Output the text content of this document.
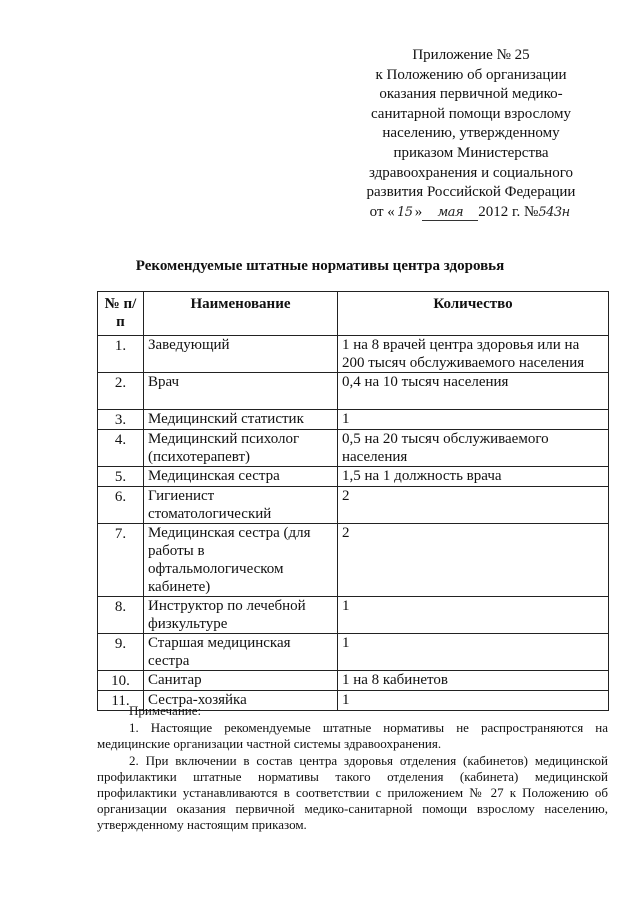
Приложение № 25
к Положению об организации
оказания первичной медико-
санитарной помощи взрослому
населению, утвержденному
приказом Министерства
здравоохранения и социального
развития Российской Федерации
от « 15 » мая 2012 г. №543н
Рекомендуемые штатные нормативы центра здоровья
№ п/п	Наименование	Количество
1.	Заведующий	1 на 8 врачей центра здоровья или на 200 тысяч обслуживаемого населения
2.	Врач	0,4 на 10 тысяч населения
3.	Медицинский статистик	1
4.	Медицинский психолог (психотерапевт)	0,5 на 20 тысяч обслуживаемого населения
5.	Медицинская сестра	1,5 на 1 должность врача
6.	Гигиенист стоматологический	2
7.	Медицинская сестра (для работы в офтальмологическом кабинете)	2
8.	Инструктор по лечебной физкультуре	1
9.	Старшая медицинская сестра	1
10.	Санитар	1 на 8 кабинетов
11.	Сестра-хозяйка	1

Примечание:

1. Настоящие рекомендуемые штатные нормативы не распространяются на медицинские организации частной системы здравоохранения.

2. При включении в состав центра здоровья отделения (кабинетов) медицинской профилактики штатные нормативы такого отделения (кабинета) медицинской профилактики устанавливаются в соответствии с приложением № 27 к Положению об организации оказания первичной медико-санитарной помощи взрослому населению, утвержденному настоящим приказом.
